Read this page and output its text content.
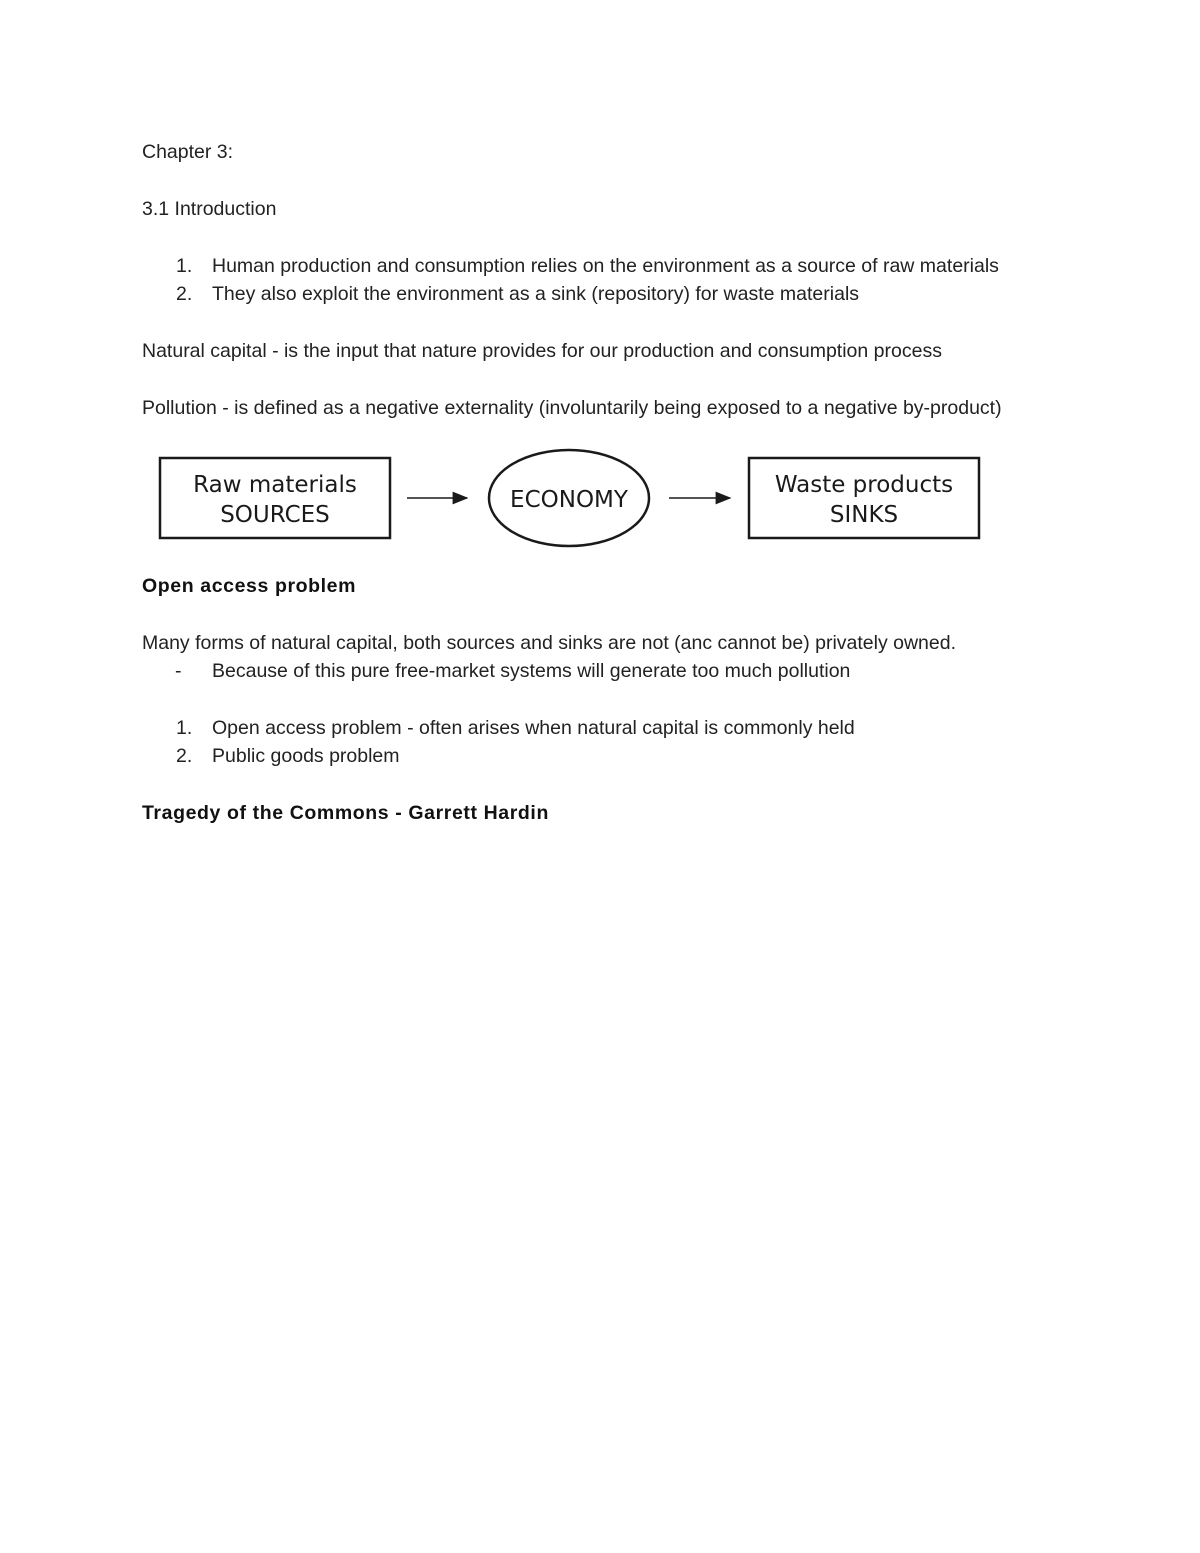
Chapter 3:

3.1 Introduction

1. Human production and consumption relies on the environment as a source of raw materials
2. They also exploit the environment as a sink (repository) for waste materials

Natural capital - is the input that nature provides for our production and consumption process

Pollution - is defined as a negative externality (involuntarily being exposed to a negative by-product)

Raw materials
SOURCES
ECONOMY
Waste products
SINKS

Open access problem

Many forms of natural capital, both sources and sinks are not (anc cannot be) privately owned.

- Because of this pure free-market systems will generate too much pollution
1. Open access problem - often arises when natural capital is commonly held
2. Public goods problem

Tragedy of the Commons - Garrett Hardin
